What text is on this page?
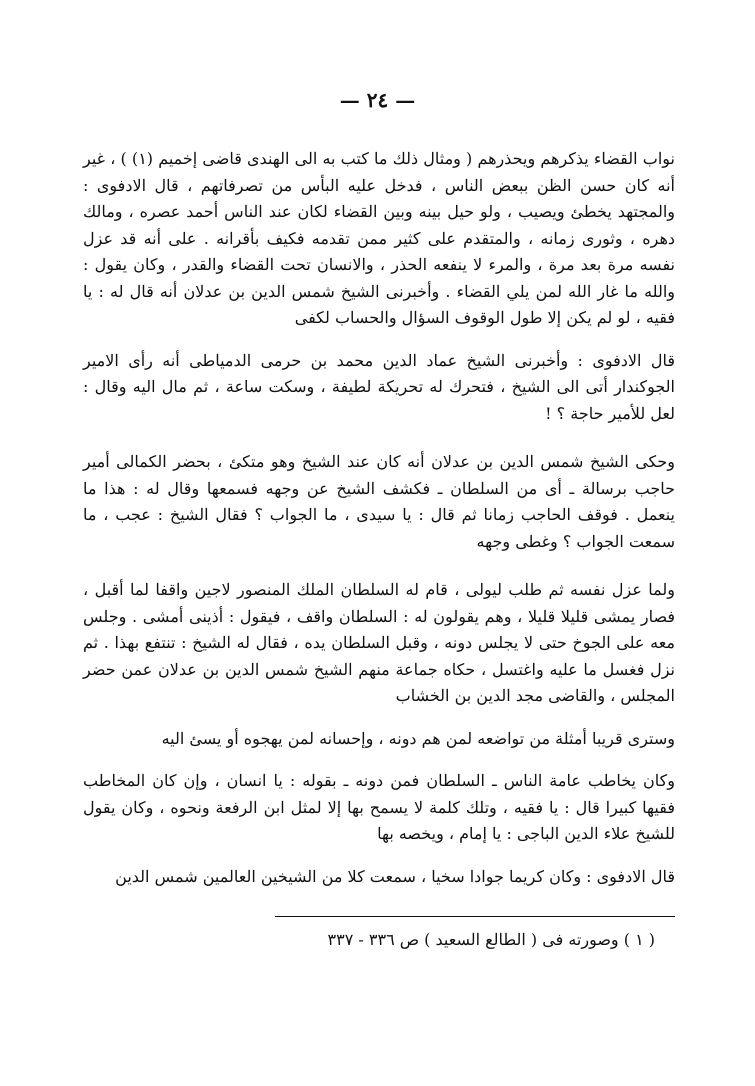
— ٢٤ —

نواب القضاء يذكرهم ويحذرهم ( ومثال ذلك ما كتب به الى الهندى قاضى إخميم (١) ) ، غير أنه كان حسن الظن ببعض الناس ، فدخل عليه البأس من تصرفاتهم ، قال الادفوى : والمجتهد يخطئ ويصيب ، ولو حيل بينه وبين القضاء لكان عند الناس أحمد عصره ، ومالك دهره ، وثورى زمانه ، والمتقدم على كثير ممن تقدمه فكيف بأقرانه . على أنه قد عزل نفسه مرة بعد مرة ، والمرء لا ينفعه الحذر ، والانسان تحت القضاء والقدر ، وكان يقول : والله ما غار الله لمن يلي القضاء . وأخبرنى الشيخ شمس الدين بن عدلان أنه قال له : يا فقيه ، لو لم يكن إلا طول الوقوف السؤال والحساب لكفى

قال الادفوى : وأخبرنى الشيخ عماد الدين محمد بن حرمى الدمياطى أنه رأى الامير الجوكندار أتى الى الشيخ ، فتحرك له تحريكة لطيفة ، وسكت ساعة ، ثم مال اليه وقال : لعل للأمير حاجة ؟ !

وحكى الشيخ شمس الدين بن عدلان أنه كان عند الشيخ وهو متكئ ، بحضر الكمالى أمير حاجب برسالة ـ أى من السلطان ـ فكشف الشيخ عن وجهه فسمعها وقال له : هذا ما ينعمل . فوقف الحاجب زمانا ثم قال : يا سيدى ، ما الجواب ؟ فقال الشيخ : عجب ، ما سمعت الجواب ؟ وغطى وجهه

ولما عزل نفسه ثم طلب ليولى ، قام له السلطان الملك المنصور لاجين واقفا لما أقبل ، فصار يمشى قليلا قليلا ، وهم يقولون له : السلطان واقف ، فيقول : أذينى أمشى . وجلس معه على الجوخ حتى لا يجلس دونه ، وقبل السلطان يده ، فقال له الشيخ : تنتفع بهذا . ثم نزل فغسل ما عليه واغتسل ، حكاه جماعة منهم الشيخ شمس الدين بن عدلان عمن حضر المجلس ، والقاضى مجد الدين بن الخشاب

وسترى قريبا أمثلة من تواضعه لمن هم دونه ، وإحسانه لمن يهجوه أو يسئ اليه

وكان يخاطب عامة الناس ـ السلطان فمن دونه ـ بقوله : يا انسان ، وإن كان المخاطب فقيها كبيرا قال : يا فقيه ، وتلك كلمة لا يسمح بها إلا لمثل ابن الرفعة ونحوه ، وكان يقول للشيخ علاء الدين الباجى : يا إمام ، ويخصه بها

قال الادفوى : وكان كريما جوادا سخيا ، سمعت كلا من الشيخين العالمين شمس الدين

( ١ ) وصورته فى ( الطالع السعيد ) ص ٣٣٦ - ٣٣٧
